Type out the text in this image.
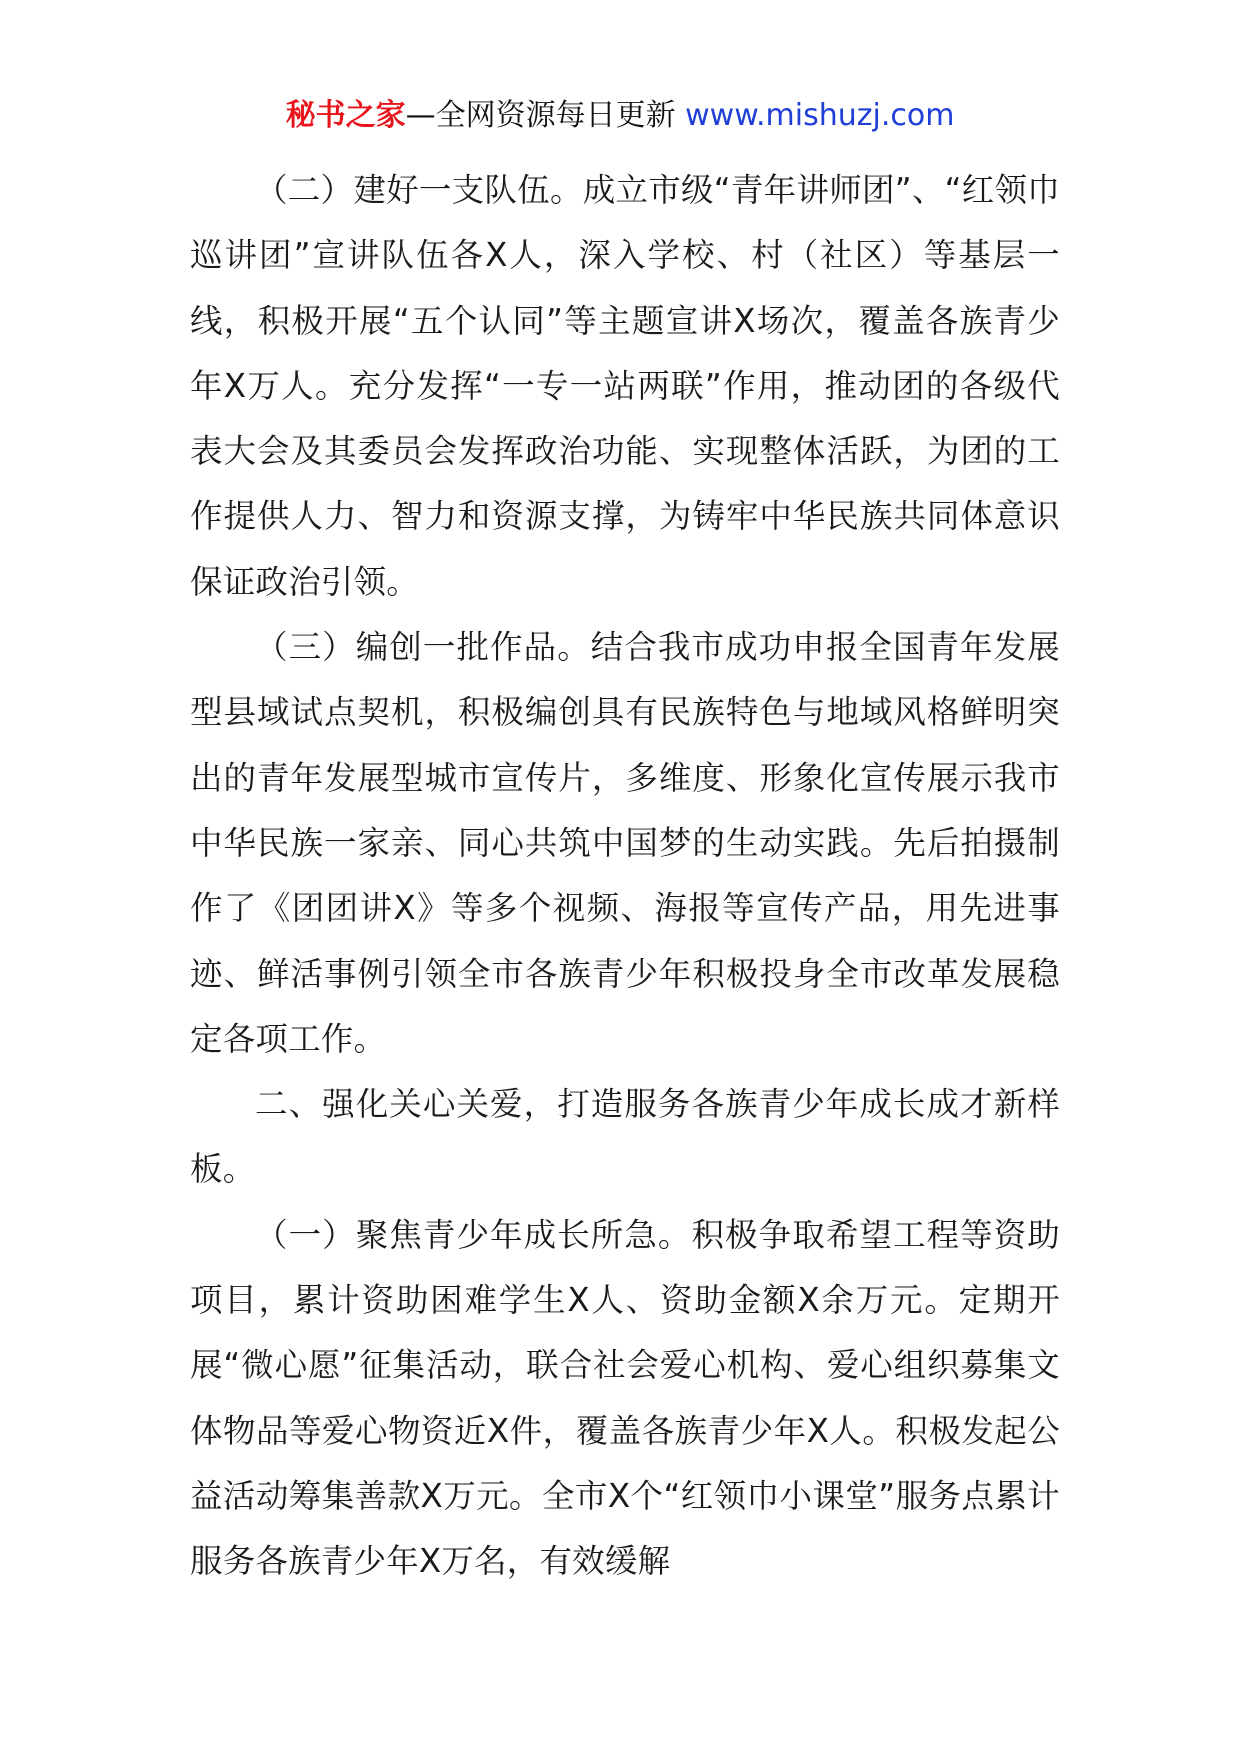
秘书之家—全网资源每日更新 www.mishuzj.com

（二）建好一支队伍。成立市级“青年讲师团”、“红领巾巡讲团”宣讲队伍各X人，深入学校、村（社区）等基层一线，积极开展“五个认同”等主题宣讲X场次，覆盖各族青少年X万人。充分发挥“一专一站两联”作用，推动团的各级代表大会及其委员会发挥政治功能、实现整体活跃，为团的工作提供人力、智力和资源支撑，为铸牢中华民族共同体意识保证政治引领。

（三）编创一批作品。结合我市成功申报全国青年发展型县域试点契机，积极编创具有民族特色与地域风格鲜明突出的青年发展型城市宣传片，多维度、形象化宣传展示我市中华民族一家亲、同心共筑中国梦的生动实践。先后拍摄制作了《团团讲X》等多个视频、海报等宣传产品，用先进事迹、鲜活事例引领全市各族青少年积极投身全市改革发展稳定各项工作。

二、强化关心关爱，打造服务各族青少年成长成才新样板。

（一）聚焦青少年成长所急。积极争取希望工程等资助项目，累计资助困难学生X人、资助金额X余万元。定期开展“微心愿”征集活动，联合社会爱心机构、爱心组织募集文体物品等爱心物资近X件，覆盖各族青少年X人。积极发起公益活动筹集善款X万元。全市X个“红领巾小课堂”服务点累计服务各族青少年X万名，有效缓解
